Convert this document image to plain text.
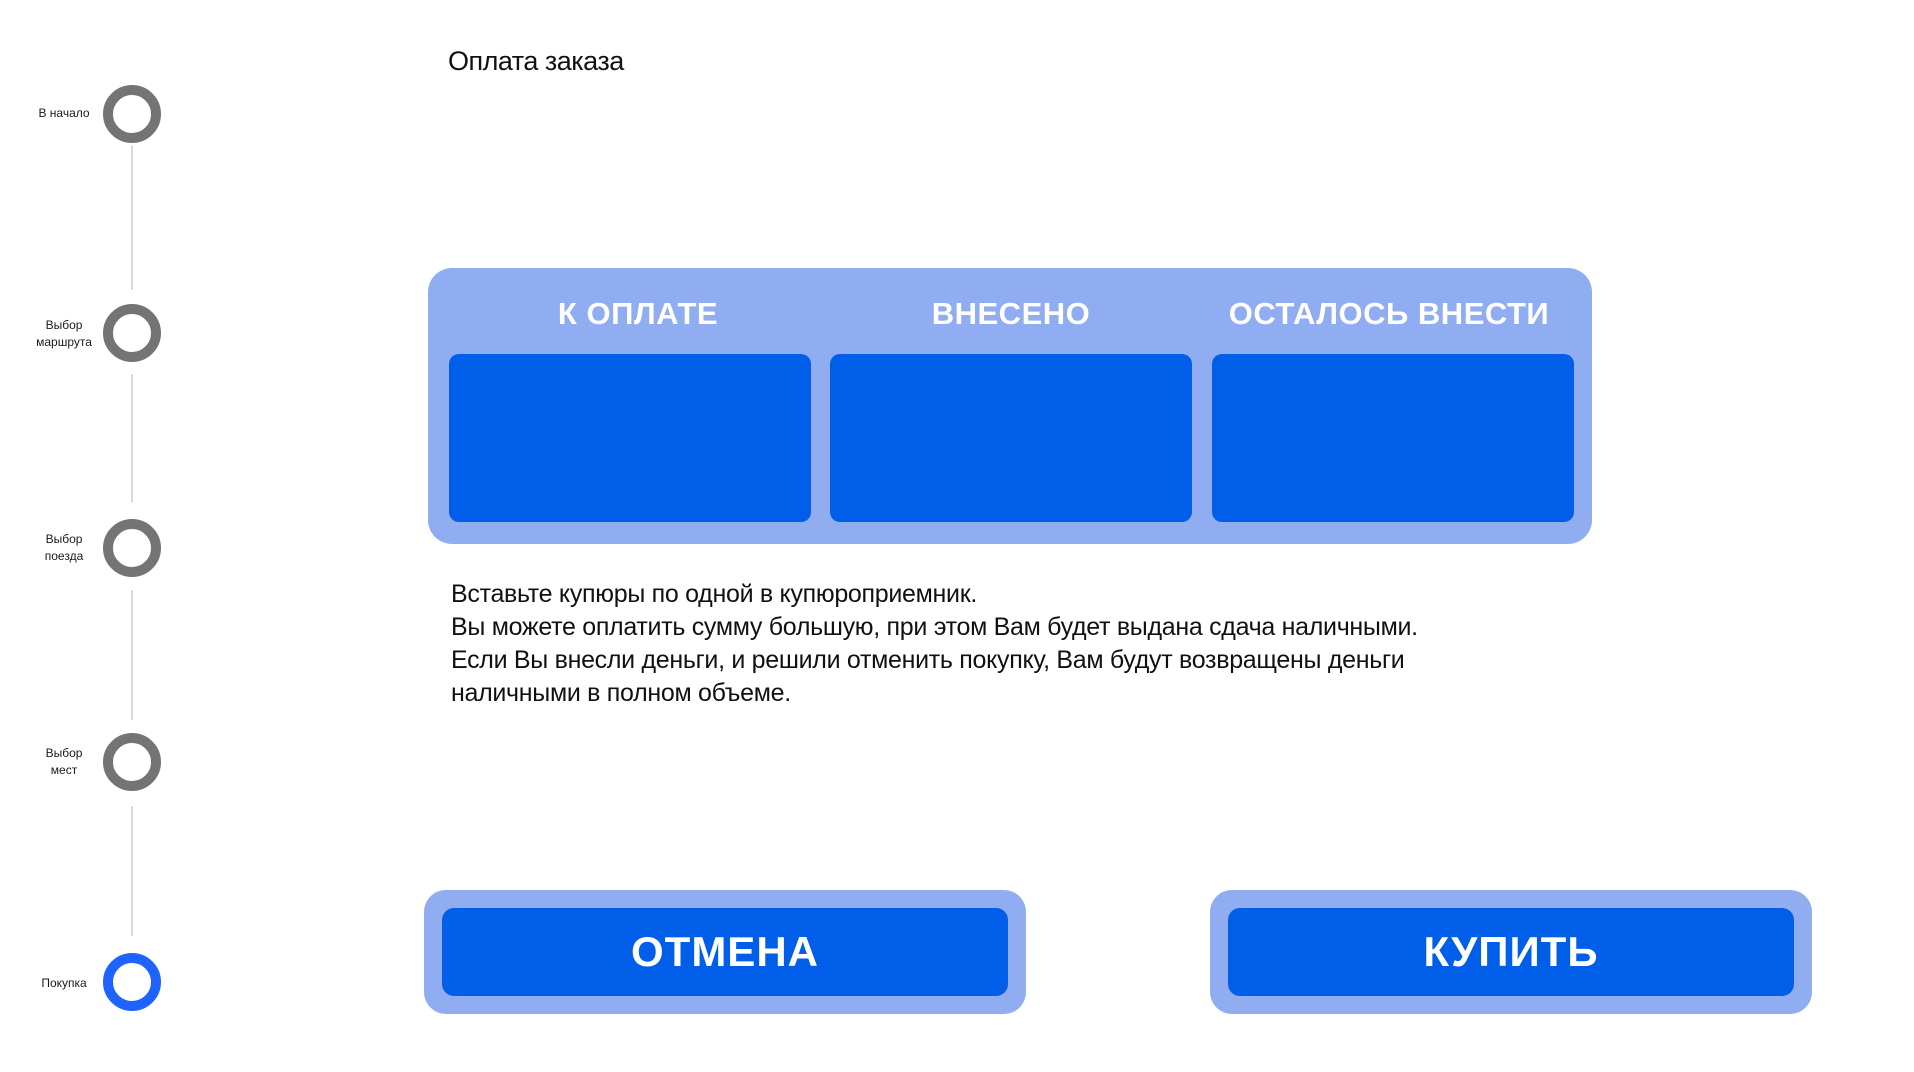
В начало
Выбор
маршрута
Выбор
поезда
Выбор
мест
Покупка
Оплата заказа
К ОПЛАТЕ	ВНЕСЕНО	ОСТАЛОСЬ ВНЕСТИ
Вставьте купюры по одной в купюроприемник.
Вы можете оплатить сумму большую, при этом Вам будет выдана сдача наличными.
Если Вы внесли деньги, и решили отменить покупку, Вам будут возвращены деньги
наличными в полном объеме.
ОТМЕНА	КУПИТЬ
